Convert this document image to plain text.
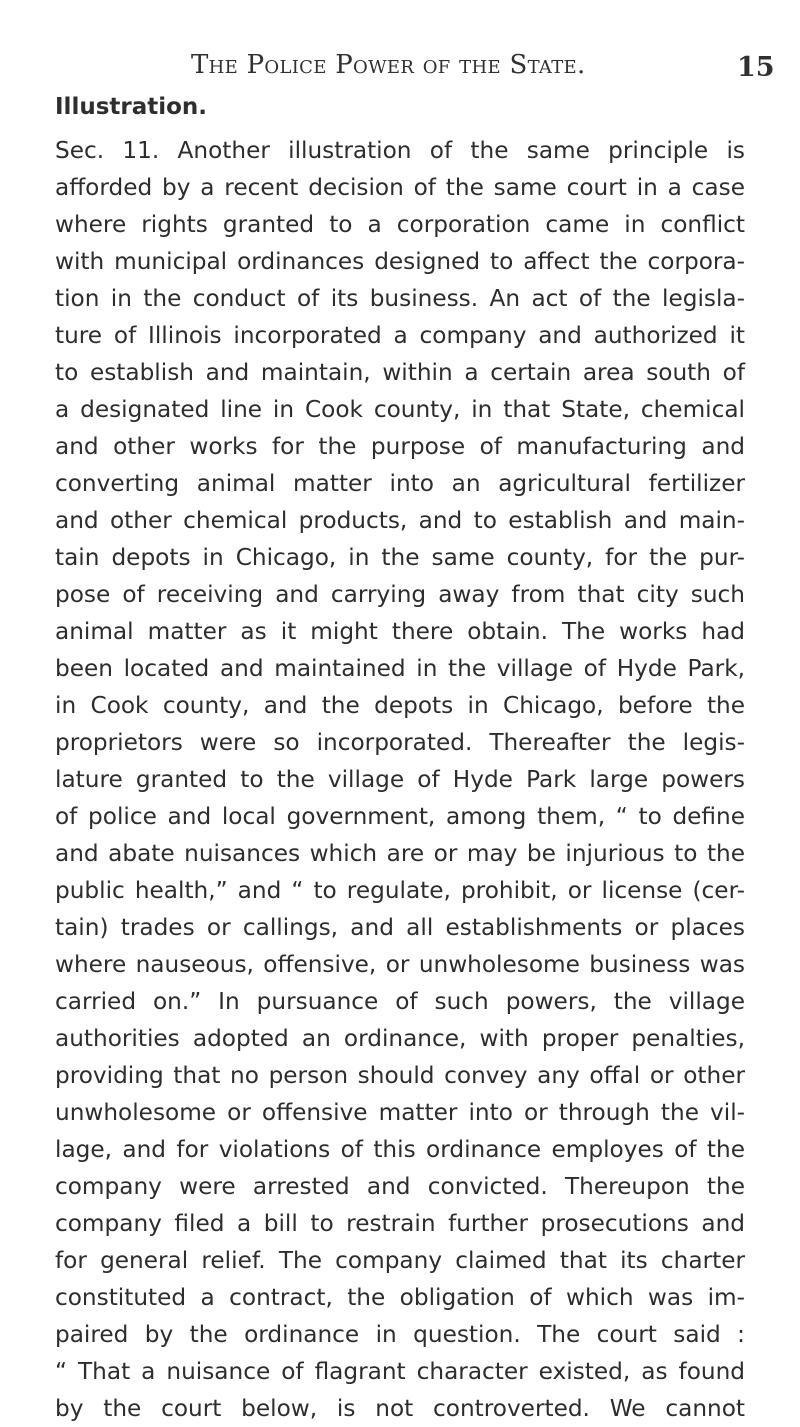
The Police Power of the State.	15
Illustration.
Sec. 11. Another illustration of the same principle is
afforded by a recent decision of the same court in a case
where rights granted to a corporation came in conflict
with municipal ordinances designed to affect the corpora-
tion in the conduct of its business. An act of the legisla-
ture of Illinois incorporated a company and authorized it
to establish and maintain, within a certain area south of
a designated line in Cook county, in that State, chemical
and other works for the purpose of manufacturing and
converting animal matter into an agricultural fertilizer
and other chemical products, and to establish and main-
tain depots in Chicago, in the same county, for the pur-
pose of receiving and carrying away from that city such
animal matter as it might there obtain. The works had
been located and maintained in the village of Hyde Park,
in Cook county, and the depots in Chicago, before the
proprietors were so incorporated. Thereafter the legis-
lature granted to the village of Hyde Park large powers
of police and local government, among them, “ to define
and abate nuisances which are or may be injurious to the
public health,” and “ to regulate, prohibit, or license (cer-
tain) trades or callings, and all establishments or places
where nauseous, offensive, or unwholesome business was
carried on.” In pursuance of such powers, the village
authorities adopted an ordinance, with proper penalties,
providing that no person should convey any offal or other
unwholesome or offensive matter into or through the vil-
lage, and for violations of this ordinance employes of the
company were arrested and convicted. Thereupon the
company filed a bill to restrain further prosecutions and
for general relief. The company claimed that its charter
constituted a contract, the obligation of which was im-
paired by the ordinance in question. The court said :
“ That a nuisance of flagrant character existed, as found
by the court below, is not controverted. We cannot
